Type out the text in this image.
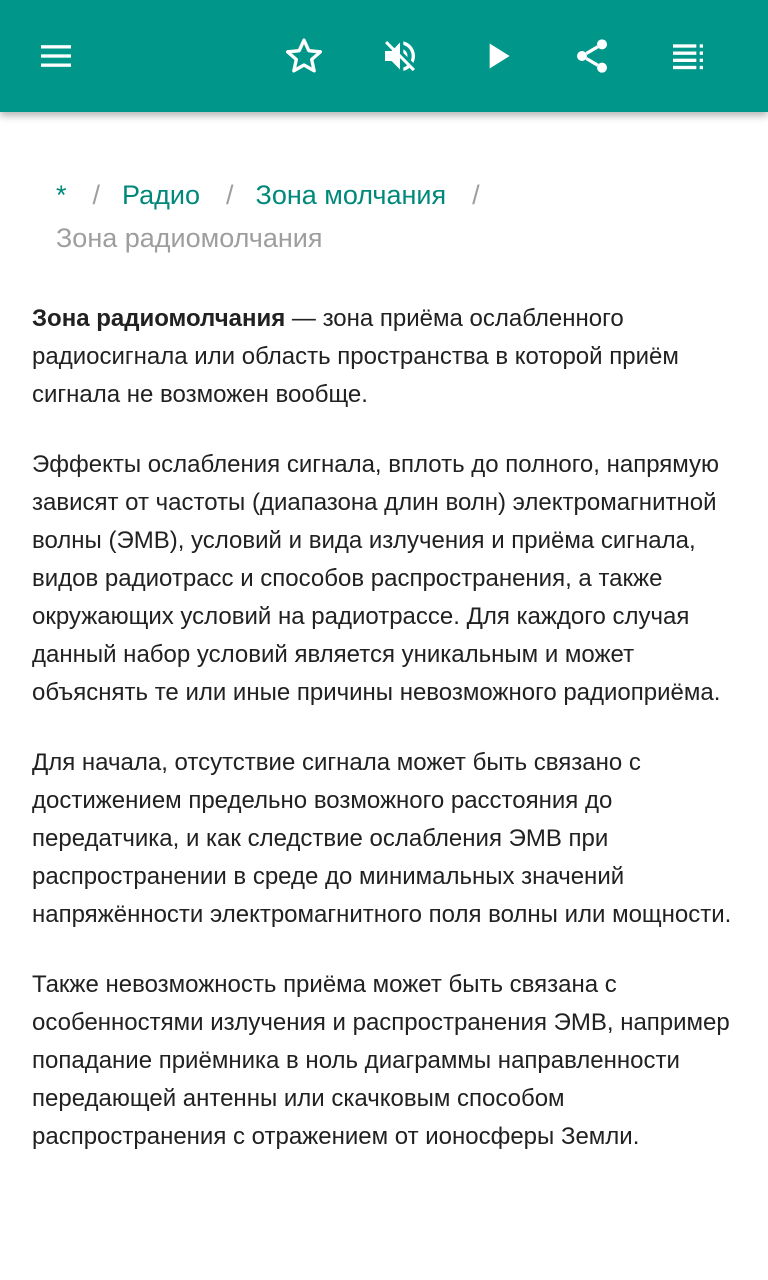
* / Радио / Зона молчания /
Зона радиомолчания

Зона радиомолчания — зона приёма ослабленного радиосигнала или область пространства в которой приём сигнала не возможен вообще.

Эффекты ослабления сигнала, вплоть до полного, напрямую зависят от частоты (диапазона длин волн) электромагнитной волны (ЭМВ), условий и вида излучения и приёма сигнала, видов радиотрасс и способов распространения, а также окружающих условий на радиотрассе. Для каждого случая данный набор условий является уникальным и может объяснять те или иные причины невозможного радиоприёма.

Для начала, отсутствие сигнала может быть связано с достижением предельно возможного расстояния до передатчика, и как следствие ослабления ЭМВ при распространении в среде до минимальных значений напряжённости электромагнитного поля волны или мощности.

Также невозможность приёма может быть связана с особенностями излучения и распространения ЭМВ, например попадание приёмника в ноль диаграммы направленности передающей антенны или скачковым способом распространения с отражением от ионосферы Земли.
